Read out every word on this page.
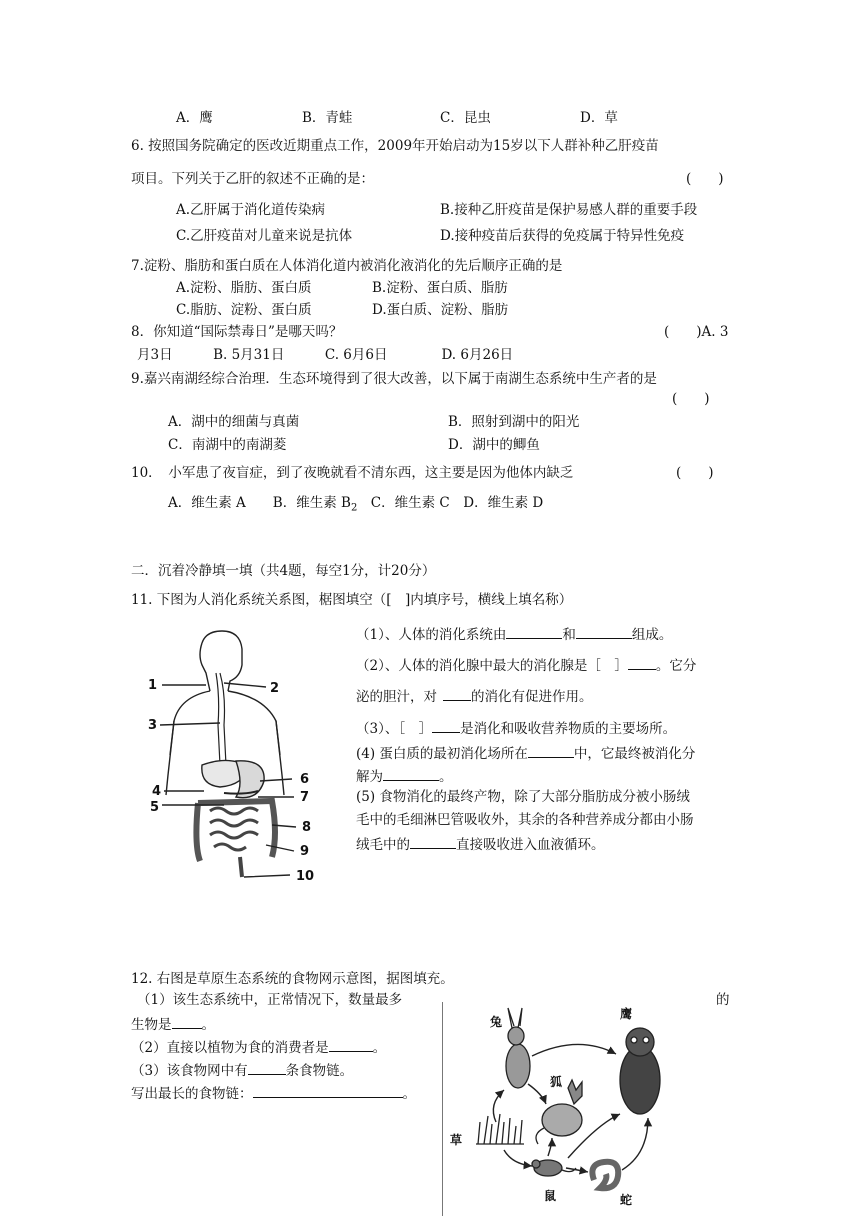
A．鹰	B．青蛙	C．昆虫	D．草
6. 按照国务院确定的医改近期重点工作，2009年开始启动为15岁以下人群补种乙肝疫苗
项目。下列关于乙肝的叙述不正确的是：	(　　)
A.乙肝属于消化道传染病	B.接种乙肝疫苗是保护易感人群的重要手段
C.乙肝疫苗对儿童来说是抗体	D.接种疫苗后获得的免疫属于特异性免疫
7.淀粉、脂肪和蛋白质在人体消化道内被消化液消化的先后顺序正确的是
A.淀粉、脂肪、蛋白质	B.淀粉、蛋白质、脂肪
C.脂肪、淀粉、蛋白质	D.蛋白质、淀粉、脂肪
8．你知道“国际禁毒日”是哪天吗？	(　　)A. 3
月3日　　　B. 5月31日　　　C. 6月6日　　　　D. 6月26日
9.嘉兴南湖经综合治理．生态环境得到了很大改善，以下属于南湖生态系统中生产者的是
(　　)
A．湖中的细菌与真菌	B．照射到湖中的阳光
C．南湖中的南湖菱	D．湖中的鲫鱼
10．　小军患了夜盲症，到了夜晚就看不清东西，这主要是因为他体内缺乏	(　　)
A．维生素 A　　B．维生素 $B_2$　C．维生素 C　D．维生素 D
二．沉着冷静填一填（共4题，每空1分，计20分）
11. 下图为人消化系统关系图，椐图填空（[　]内填序号，横线上填名称）
（1）、人体的消化系统由	和	组成。
（2）、人体的消化腺中最大的消化腺是［　］ 。它分
泌的胆汁，对	的消化有促进作用。
（3）、［　］ 是消化和吸收营养物质的主要场所。
(4) 蛋白质的最初消化场所在	中，它最终被消化分
解为	。
(5) 食物消化的最终产物，除了大部分脂肪成分被小肠绒
毛中的毛细淋巴管吸收外，其余的各种营养成分都由小肠
绒毛中的	直接吸收进入血液循环。
1	2
3
4
5
6
7
8
9
10
12. 右图是草原生态系统的食物网示意图，据图填充。
（1）该生态系统中，正常情况下，数量最多	的
生物是 。
（2）直接以植物为食的消费者是	。
（3）该食物网中有	条食物链。
写出最长的食物链：	。
兔
鹰
狐
草
鼠	蛇
